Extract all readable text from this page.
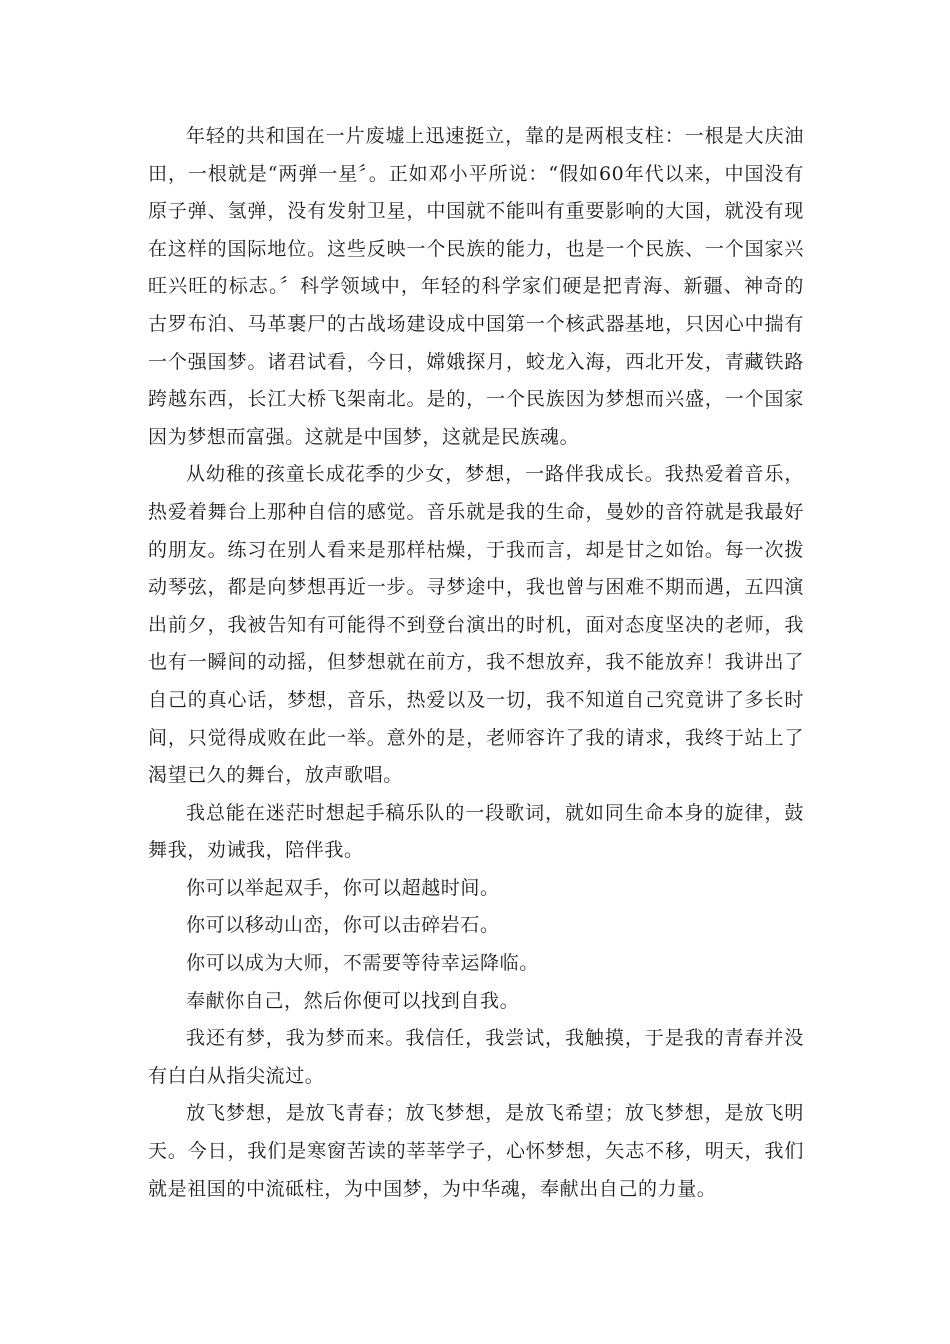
年轻的共和国在一片废墟上迅速挺立，靠的是两根支柱：一根是大庆油田，一根就是“两弹一星〞。正如邓小平所说：“假如60年代以来，中国没有原子弹、氢弹，没有发射卫星，中国就不能叫有重要影响的大国，就没有现在这样的国际地位。这些反映一个民族的能力，也是一个民族、一个国家兴旺兴旺的标志。〞科学领域中，年轻的科学家们硬是把青海、新疆、神奇的古罗布泊、马革裹尸的古战场建设成中国第一个核武器基地，只因心中揣有一个强国梦。诸君试看，今日，嫦娥探月，蛟龙入海，西北开发，青藏铁路跨越东西，长江大桥飞架南北。是的，一个民族因为梦想而兴盛，一个国家因为梦想而富强。这就是中国梦，这就是民族魂。

从幼稚的孩童长成花季的少女，梦想，一路伴我成长。我热爱着音乐，热爱着舞台上那种自信的感觉。音乐就是我的生命，曼妙的音符就是我最好的朋友。练习在别人看来是那样枯燥，于我而言，却是甘之如饴。每一次拨动琴弦，都是向梦想再近一步。寻梦途中，我也曾与困难不期而遇，五四演出前夕，我被告知有可能得不到登台演出的时机，面对态度坚决的老师，我也有一瞬间的动摇，但梦想就在前方，我不想放弃，我不能放弃！我讲出了自己的真心话，梦想，音乐，热爱以及一切，我不知道自己究竟讲了多长时间，只觉得成败在此一举。意外的是，老师容许了我的请求，我终于站上了渴望已久的舞台，放声歌唱。

我总能在迷茫时想起手稿乐队的一段歌词，就如同生命本身的旋律，鼓舞我，劝诫我，陪伴我。

你可以举起双手，你可以超越时间。

你可以移动山峦，你可以击碎岩石。

你可以成为大师，不需要等待幸运降临。

奉献你自己，然后你便可以找到自我。

我还有梦，我为梦而来。我信任，我尝试，我触摸，于是我的青春并没有白白从指尖流过。

放飞梦想，是放飞青春；放飞梦想，是放飞希望；放飞梦想，是放飞明天。今日，我们是寒窗苦读的莘莘学子，心怀梦想，矢志不移，明天，我们就是祖国的中流砥柱，为中国梦，为中华魂，奉献出自己的力量。
